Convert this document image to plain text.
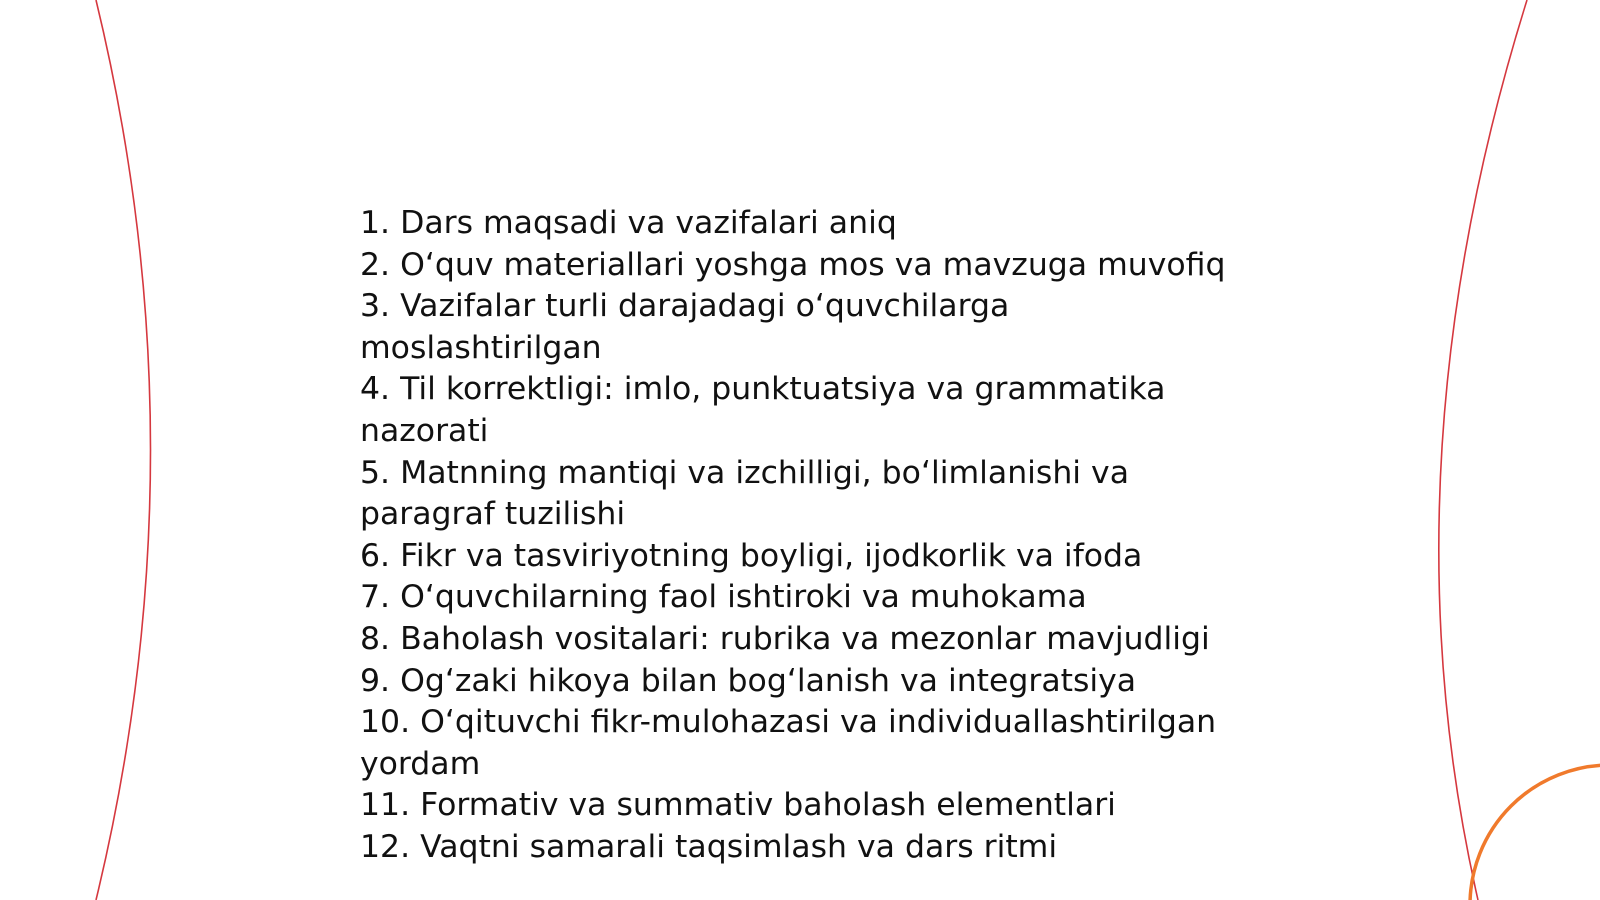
1. Dars maqsadi va vazifalari aniq
2. O‘quv materiallari yoshga mos va mavzuga muvofiq
3. Vazifalar turli darajadagi o‘quvchilarga
moslashtirilgan
4. Til korrektligi: imlo, punktuatsiya va grammatika
nazorati
5. Matnning mantiqi va izchilligi, bo‘limlanishi va
paragraf tuzilishi
6. Fikr va tasviriyotning boyligi, ijodkorlik va ifoda
7. O‘quvchilarning faol ishtiroki va muhokama
8. Baholash vositalari: rubrika va mezonlar mavjudligi
9. Og‘zaki hikoya bilan bog‘lanish va integratsiya
10. O‘qituvchi fikr-mulohazasi va individuallashtirilgan
yordam
11. Formativ va summativ baholash elementlari
12. Vaqtni samarali taqsimlash va dars ritmi
